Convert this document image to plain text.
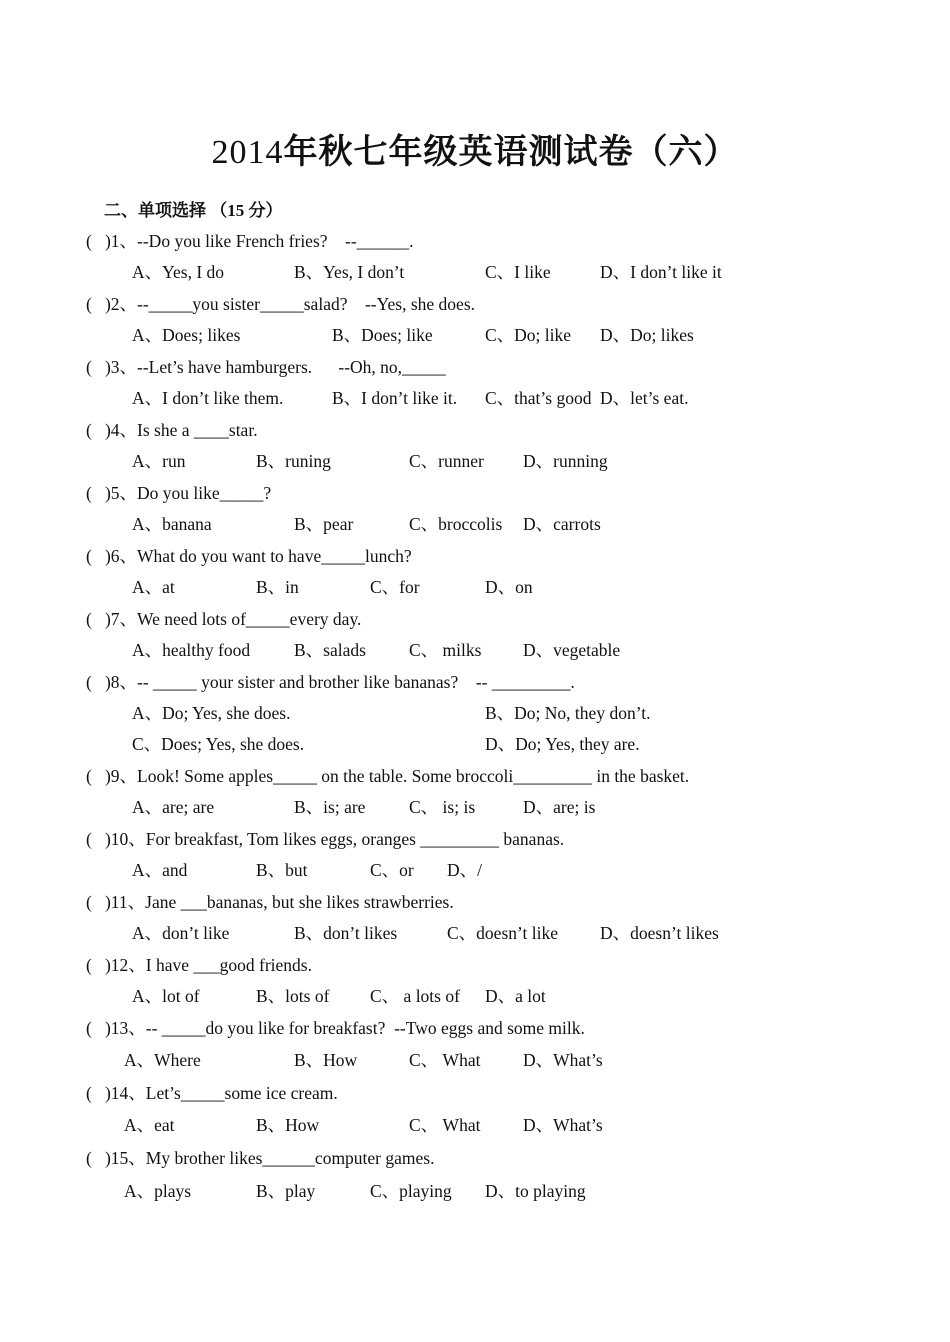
2014年秋七年级英语测试卷（六）
二、单项选择 （15 分）
(   )1、--Do you like French fries?    --______.
A、Yes, I do	B、Yes, I don’t	C、I like	D、I don’t like it
(   )2、--_____you sister_____salad?    --Yes, she does.
A、Does; likes	B、Does; like	C、Do; like D、Do; likes
(   )3、--Let’s have hamburgers.      --Oh, no,_____
A、I don’t like them.	B、I don’t like it. C、that’s good D、let’s eat.
(   )4、Is she a ____star.
A、run	B、runing	C、runner D、running
(   )5、Do you like_____?
A、banana	B、pear	C、broccolis D、carrots
(   )6、What do you want to have_____lunch?
A、at	B、in	C、for	D、on
(   )7、We need lots of_____every day.
A、healthy food	B、salads C、 milks D、vegetable
(   )8、-- _____ your sister and brother like bananas?    -- _________.
A、Do; Yes, she does.	B、Do; No, they don’t.
C、Does; Yes, she does.	D、Do; Yes, they are.
(   )9、Look! Some apples_____ on the table. Some broccoli_________ in the basket.
A、are; are	B、is; are C、 is; is	D、are; is
(   )10、For breakfast, Tom likes eggs, oranges _________ bananas.
A、and	B、but	C、or D、/
(   )11、Jane ___bananas, but she likes strawberries.
A、don’t like	B、don’t likes	C、doesn’t like D、doesn’t likes
(   )12、I have ___good friends.
A、lot of	B、lots of C、 a lots of D、a lot
(   )13、-- _____do you like for breakfast?  --Two eggs and some milk.
A、Where	B、How	C、 What D、What’s
(   )14、Let’s_____some ice cream.
A、eat	B、How	C、 What D、What’s
(   )15、My brother likes______computer games.
A、plays	B、play	C、playing D、to playing
